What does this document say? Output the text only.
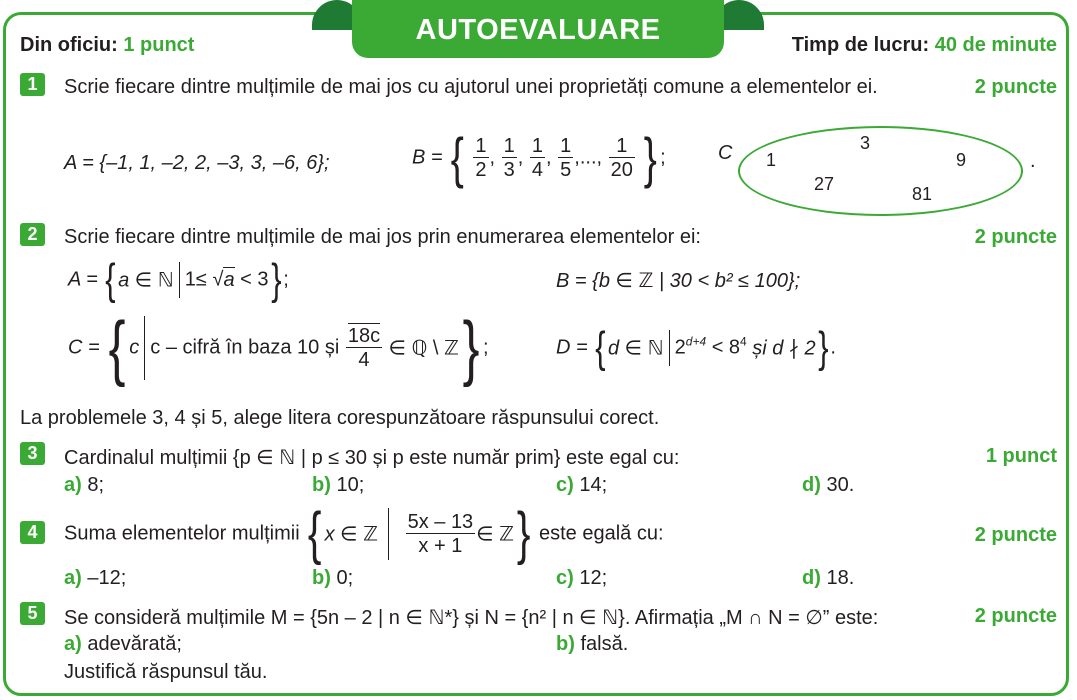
AUTOEVALUARE
Din oficiu: 1 punct	Timp de lucru: 40 de minute
1	Scrie fiecare dintre mulțimile de mai jos cu ajutorul unei proprietăți comune a elementelor ei.	2 puncte
A = {–1, 1, –2, 2, –3, 3, –6, 6};	B = { $\frac{1}{2}$ , $\frac{1}{3}$ , $\frac{1}{4}$ , $\frac{1}{5}$ ,..., $\frac{1}{20}$ } ;	C	3
1	9
27	81
.
2	Scrie fiecare dintre mulțimile de mai jos prin enumerarea elementelor ei:	2 puncte
A = { a ∈ ℕ 1≤ √a < 3} ;	B = {b ∈ ℤ | 30 < b² ≤ 100};
C = { c c – cifră în baza 10 și $\frac{18c}{4}$ ∈ ℚ \ ℤ} ;	D = { d ∈ ℕ $2^{d+4} < 8^4$ și d ∤ 2} .
La problemele 3, 4 și 5, alege litera corespunzătoare răspunsului corect.
3	Cardinalul mulțimii {p ∈ ℕ | p ≤ 30 și p este număr prim} este egal cu:	1 punct
a) 8;	b) 10;	c) 14;	d) 30.
4	Suma elementelor mulțimii { x ∈ ℤ $\frac{5x - 13}{x + 1}$ ∈ ℤ} este egală cu:	2 puncte
a) –12;	b) 0;	c) 12;	d) 18.
5	Se consideră mulțimile M = {5n – 2 | n ∈ ℕ*} și N = {n² | n ∈ ℕ}. Afirmația „M ∩ N = ∅” este:	2 puncte
a) adevărată;	b) falsă.
Justifică răspunsul tău.
